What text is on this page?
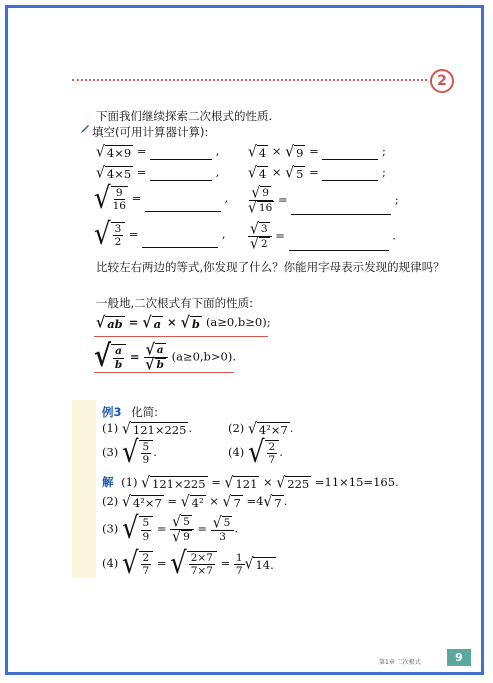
2
下面我们继续探索二次根式的性质.
填空(可用计算器计算):
√ 4×9 =	, √ 4 × √ 9 =	;
√ 4×5 =	, √ 4 × √ 5 =	;
√ $\frac{9}{16}$ =	, $\frac{√ 9}{√ 16}$ =	;
√ $\frac{3}{2}$ =	, $\frac{√ 3}{√ 2}$ =	.
比较左右两边的等式,你发现了什么？你能用字母表示发现的规律吗？
一般地,二次根式有下面的性质:
√ ab = √ a × √ b (a≥0,b≥0);
√ $\frac{a}{b} = \frac{√ a}{√ b} (a\ge 0,b>0)$.
例3 化简:
(1) √ 121×225 .	(2) √ 4²×7 .
(3) √ $\frac{5}{9}$ .	(4) √ $\frac{2}{7}$ .
解 (1) √ 121×225 = √ 121 × √ 225 =11×15=165.
(2) √ 4²×7 = √ 4² × √ 7 =4 √ 7 .
(3) √ $\frac{5}{9} = \frac{√ 5}{√ 9} = \frac{√ 5}{3}$ .
(4) √ $\frac{2}{7}$ = √ $\frac{2\times 7}{7\times 7} = \frac{1}{7}$ √ 14.
第1章 二次根式	9
